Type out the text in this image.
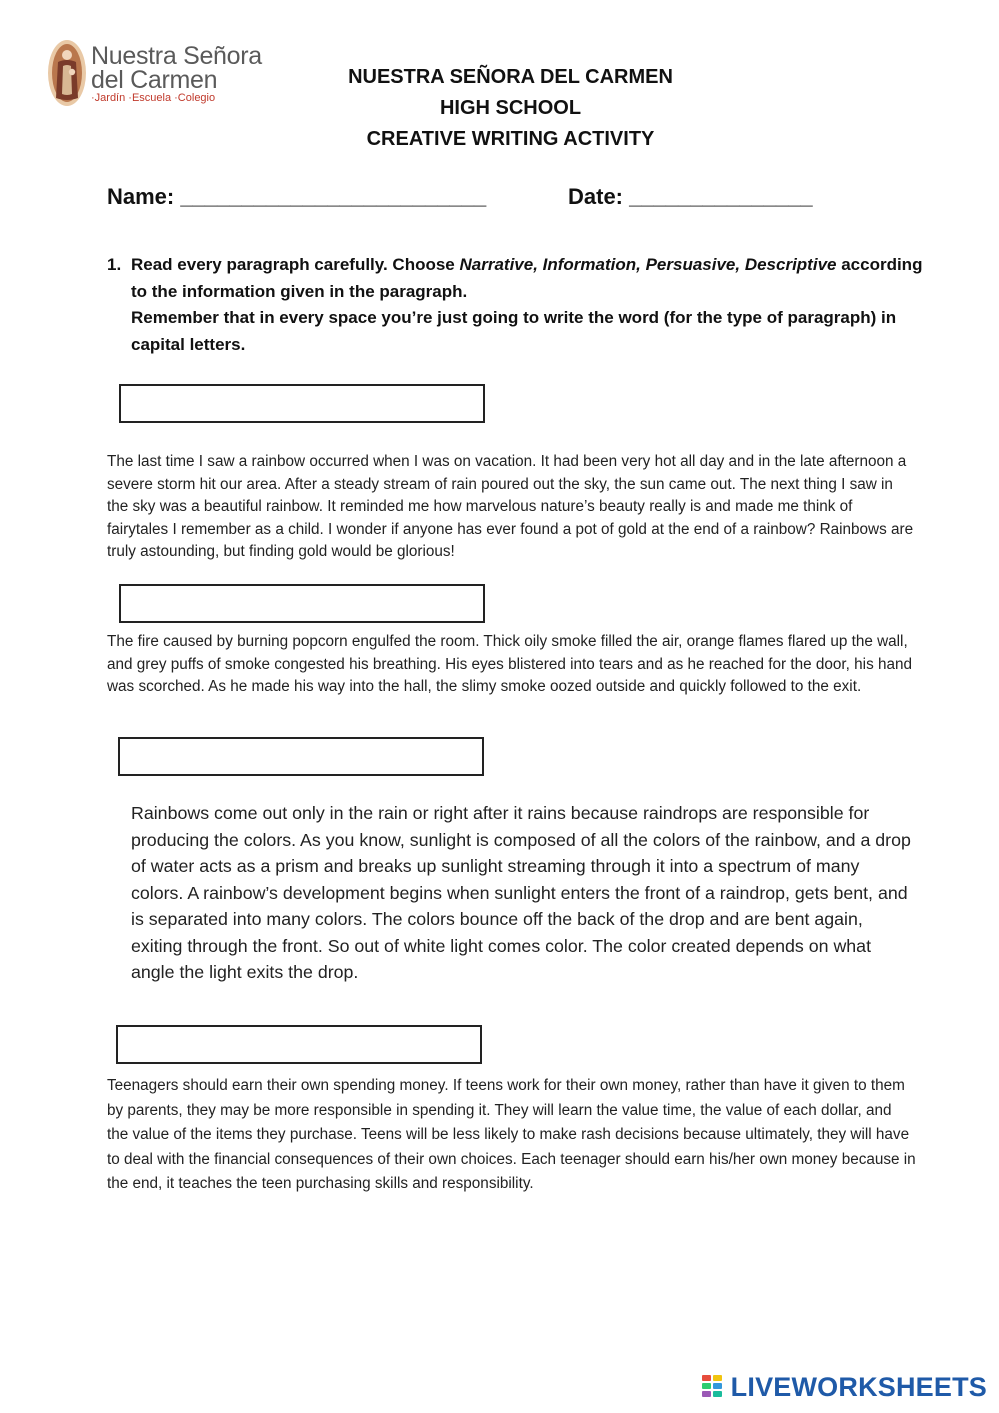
Nuestra Señora
del Carmen
·Jardín ·Escuela ·Colegio
NUESTRA SEÑORA DEL CARMEN
HIGH SCHOOL
CREATIVE WRITING ACTIVITY
Name: _________________________	Date: _______________
1. Read every paragraph carefully. Choose Narrative, Information, Persuasive, Descriptive according to the information given in the paragraph.
Remember that in every space you’re just going to write the word (for the type of paragraph) in capital letters.
The last time I saw a rainbow occurred when I was on vacation. It had been very hot all day and in the late afternoon a severe storm hit our area. After a steady stream of rain poured out the sky, the sun came out. The next thing I saw in the sky was a beautiful rainbow. It reminded me how marvelous nature’s beauty really is and made me think of fairytales I remember as a child. I wonder if anyone has ever found a pot of gold at the end of a rainbow? Rainbows are truly astounding, but finding gold would be glorious!
The fire caused by burning popcorn engulfed the room. Thick oily smoke filled the air, orange flames flared up the wall, and grey puffs of smoke congested his breathing. His eyes blistered into tears and as he reached for the door, his hand was scorched. As he made his way into the hall, the slimy smoke oozed outside and quickly followed to the exit.
Rainbows come out only in the rain or right after it rains because raindrops are responsible for producing the colors. As you know, sunlight is composed of all the colors of the rainbow, and a drop of water acts as a prism and breaks up sunlight streaming through it into a spectrum of many colors. A rainbow’s development begins when sunlight enters the front of a raindrop, gets bent, and is separated into many colors. The colors bounce off the back of the drop and are bent again, exiting through the front. So out of white light comes color. The color created depends on what angle the light exits the drop.
Teenagers should earn their own spending money. If teens work for their own money, rather than have it given to them by parents, they may be more responsible in spending it. They will learn the value time, the value of each dollar, and the value of the items they purchase. Teens will be less likely to make rash decisions because ultimately, they will have to deal with the financial consequences of their own choices. Each teenager should earn his/her own money because in the end, it teaches the teen purchasing skills and responsibility.
LIVEWORKSHEETS
